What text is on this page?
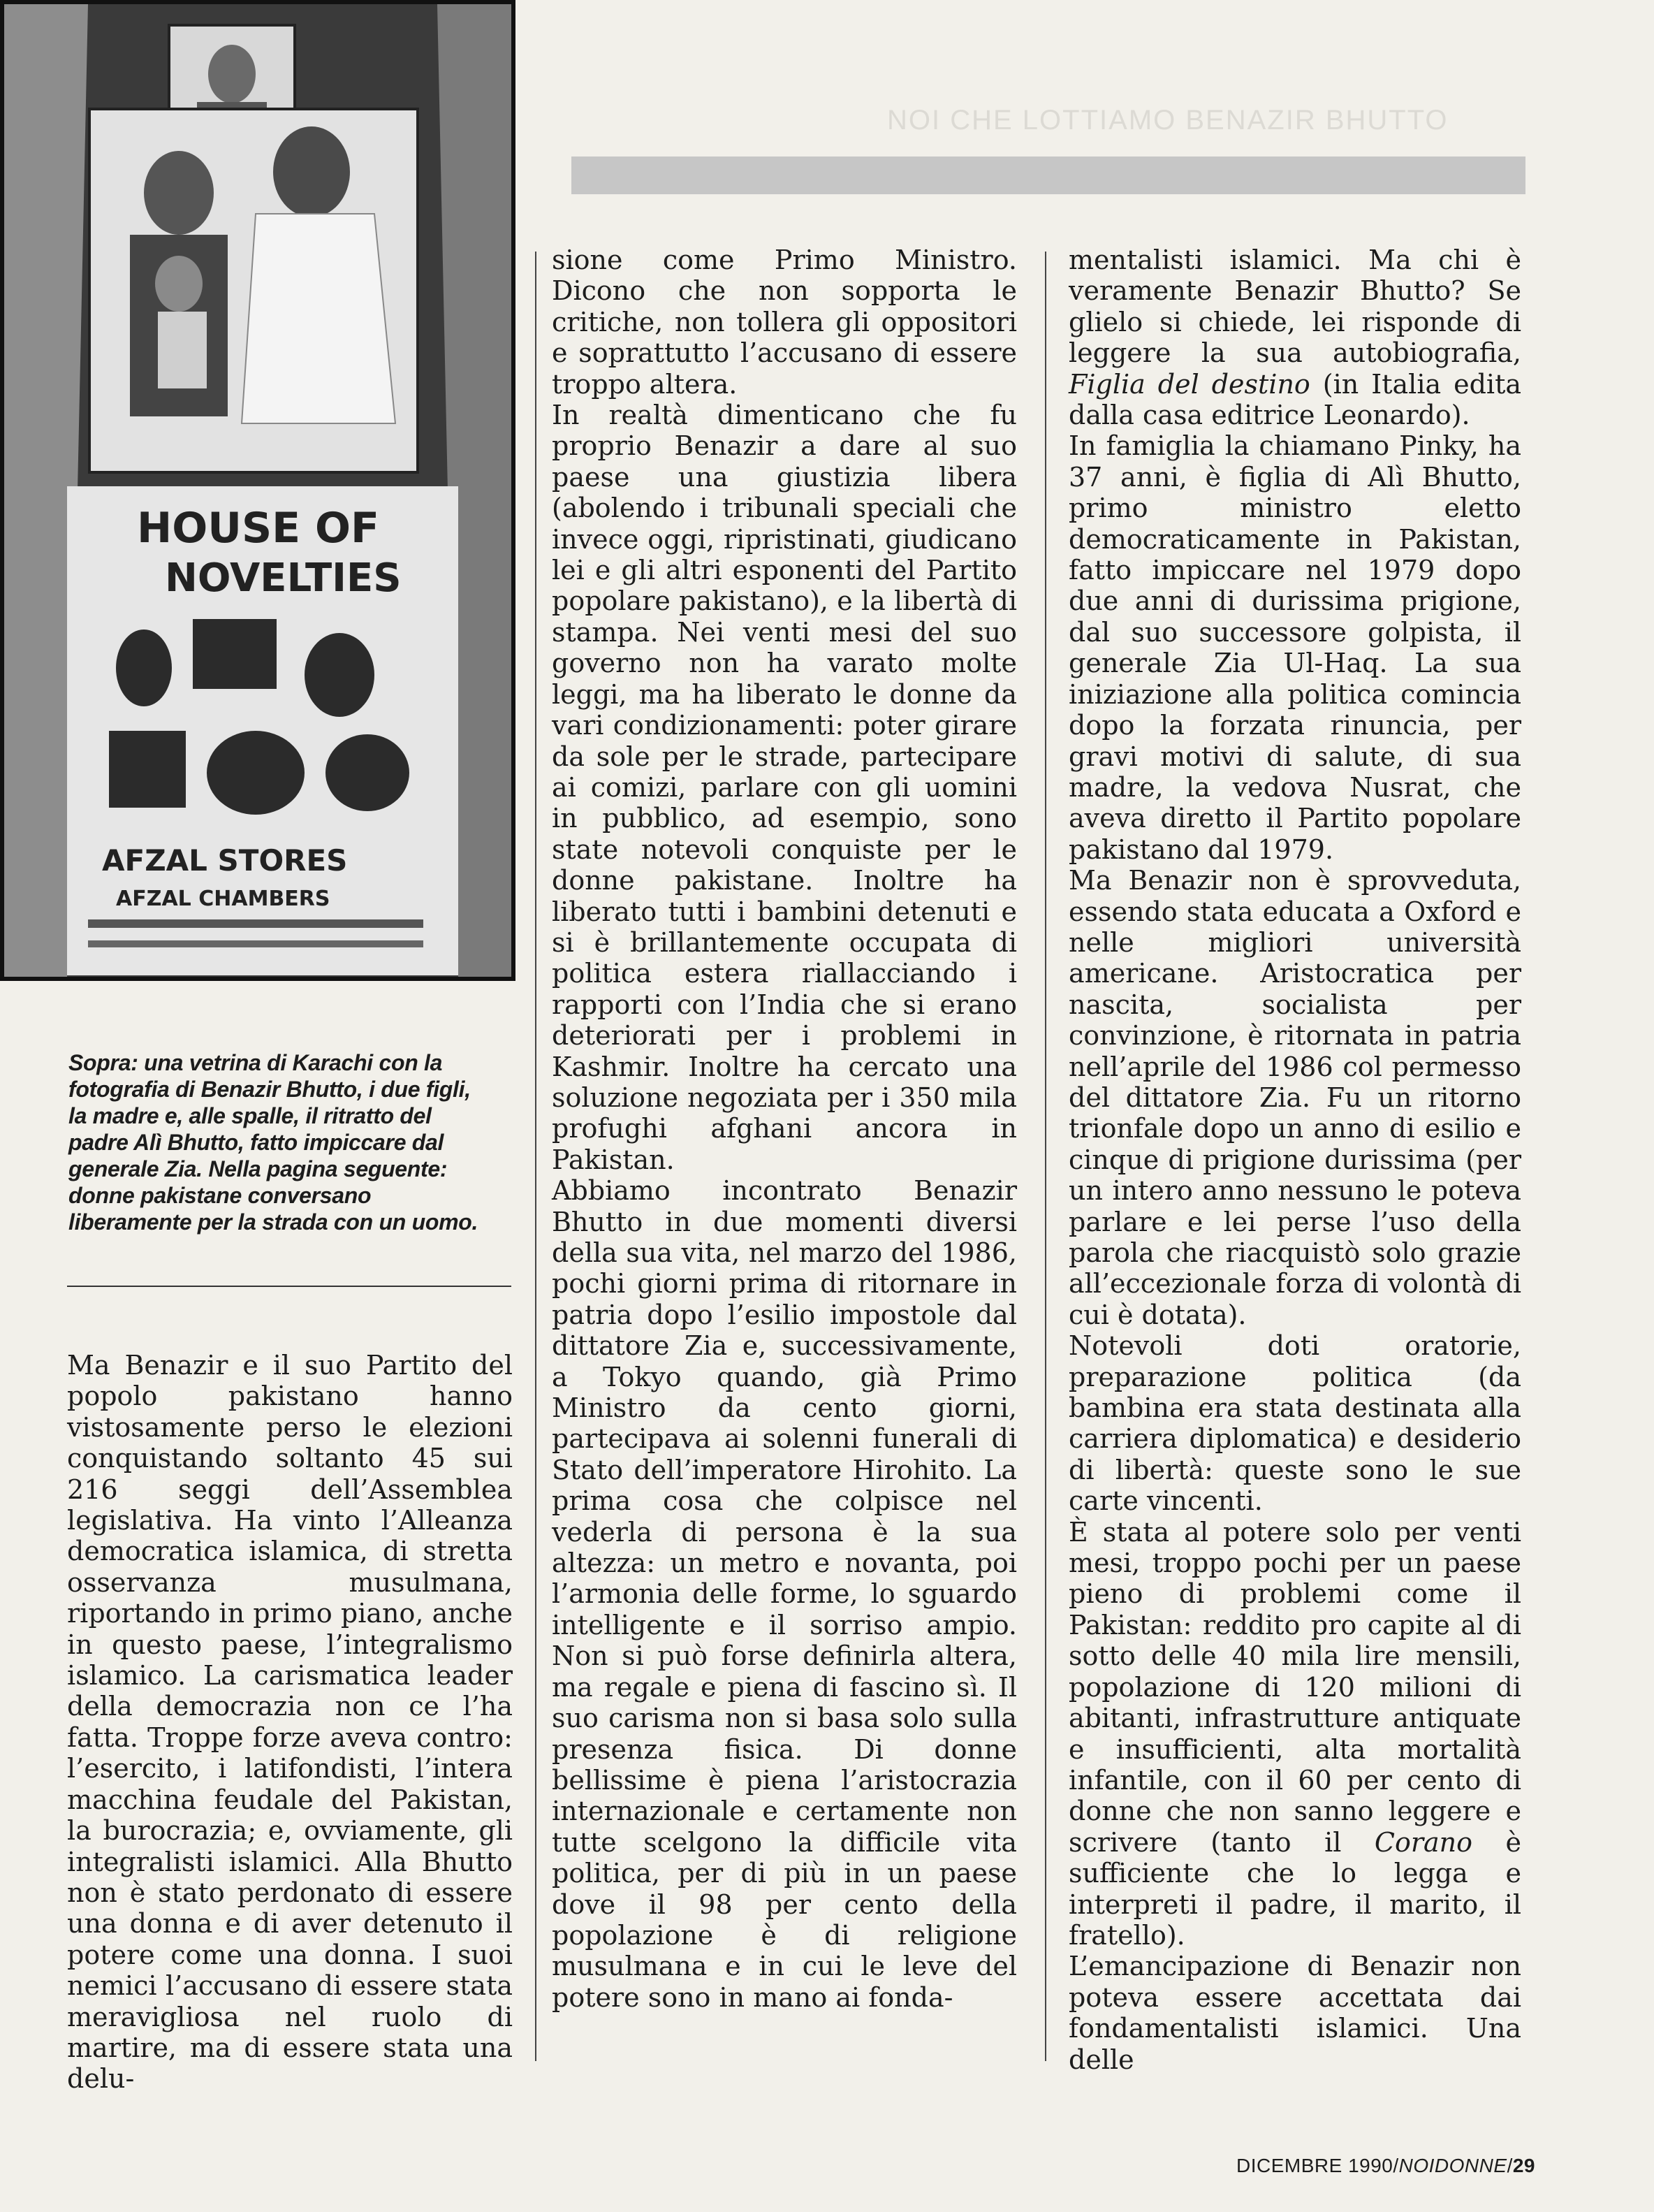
NOI CHE LOTTIAMO BENAZIR BHUTTO
HOUSE OF
NOVELTIES
AFZAL STORES
AFZAL CHAMBERS
Sopra: una vetrina di Karachi con la fotografia di Benazir Bhutto, i due figli, la madre e, alle spalle, il ritratto del padre Alì Bhutto, fatto impiccare dal generale Zia. Nella pagina seguente: donne pakistane conversano liberamente per la strada con un uomo.

Ma Benazir e il suo Partito del popolo pakistano hanno vistosamente perso le elezioni conquistando soltanto 45 sui 216 seggi dell’Assemblea legislativa. Ha vinto l’Alleanza democratica islamica, di stretta osservanza musulmana, riportando in primo piano, anche in questo paese, l’integralismo islamico. La carismatica leader della democrazia non ce l’ha fatta. Troppe forze aveva contro: l’esercito, i latifondisti, l’intera macchina feudale del Pakistan, la burocrazia; e, ovviamente, gli integralisti islamici. Alla Bhutto non è stato perdonato di essere una donna e di aver detenuto il potere come una donna. I suoi nemici l’accusano di essere stata meravigliosa nel ruolo di martire, ma di essere stata una delu-

sione come Primo Ministro. Dicono che non sopporta le critiche, non tollera gli oppositori e soprattutto l’accusano di essere troppo altera.

In realtà dimenticano che fu proprio Benazir a dare al suo paese una giustizia libera (abolendo i tribunali speciali che invece oggi, ripristinati, giudicano lei e gli altri esponenti del Partito popolare pakistano), e la libertà di stampa. Nei venti mesi del suo governo non ha varato molte leggi, ma ha liberato le donne da vari condizionamenti: poter girare da sole per le strade, partecipare ai comizi, parlare con gli uomini in pubblico, ad esempio, sono state notevoli conquiste per le donne pakistane. Inoltre ha liberato tutti i bambini detenuti e si è brillantemente occupata di politica estera riallacciando i rapporti con l’India che si erano deteriorati per i problemi in Kashmir. Inoltre ha cercato una soluzione negoziata per i 350 mila profughi afghani ancora in Pakistan.

Abbiamo incontrato Benazir Bhutto in due momenti diversi della sua vita, nel marzo del 1986, pochi giorni prima di ritornare in patria dopo l’esilio impostole dal dittatore Zia e, successivamente, a Tokyo quando, già Primo Ministro da cento giorni, partecipava ai solenni funerali di Stato dell’imperatore Hirohito. La prima cosa che colpisce nel vederla di persona è la sua altezza: un metro e novanta, poi l’armonia delle forme, lo sguardo intelligente e il sorriso ampio. Non si può forse definirla altera, ma regale e piena di fascino sì. Il suo carisma non si basa solo sulla presenza fisica. Di donne bellissime è piena l’aristocrazia internazionale e certamente non tutte scelgono la difficile vita politica, per di più in un paese dove il 98 per cento della popolazione è di religione musulmana e in cui le leve del potere sono in mano ai fonda-

mentalisti islamici. Ma chi è veramente Benazir Bhutto? Se glielo si chiede, lei risponde di leggere la sua autobiografia, Figlia del destino (in Italia edita dalla casa editrice Leonardo).

In famiglia la chiamano Pinky, ha 37 anni, è figlia di Alì Bhutto, primo ministro eletto democraticamente in Pakistan, fatto impiccare nel 1979 dopo due anni di durissima prigione, dal suo successore golpista, il generale Zia Ul-Haq. La sua iniziazione alla politica comincia dopo la forzata rinuncia, per gravi motivi di salute, di sua madre, la vedova Nusrat, che aveva diretto il Partito popolare pakistano dal 1979.

Ma Benazir non è sprovveduta, essendo stata educata a Oxford e nelle migliori università americane. Aristocratica per nascita, socialista per convinzione, è ritornata in patria nell’aprile del 1986 col permesso del dittatore Zia. Fu un ritorno trionfale dopo un anno di esilio e cinque di prigione durissima (per un intero anno nessuno le poteva parlare e lei perse l’uso della parola che riacquistò solo grazie all’eccezionale forza di volontà di cui è dotata).

Notevoli doti oratorie, preparazione politica (da bambina era stata destinata alla carriera diplomatica) e desiderio di libertà: queste sono le sue carte vincenti.

È stata al potere solo per venti mesi, troppo pochi per un paese pieno di problemi come il Pakistan: reddito pro capite al di sotto delle 40 mila lire mensili, popolazione di 120 milioni di abitanti, infrastrutture antiquate e insufficienti, alta mortalità infantile, con il 60 per cento di donne che non sanno leggere e scrivere (tanto il Corano è sufficiente che lo legga e interpreti il padre, il marito, il fratello).

L’emancipazione di Benazir non poteva essere accettata dai fondamentalisti islamici. Una delle

DICEMBRE 1990/NOIDONNE/29
